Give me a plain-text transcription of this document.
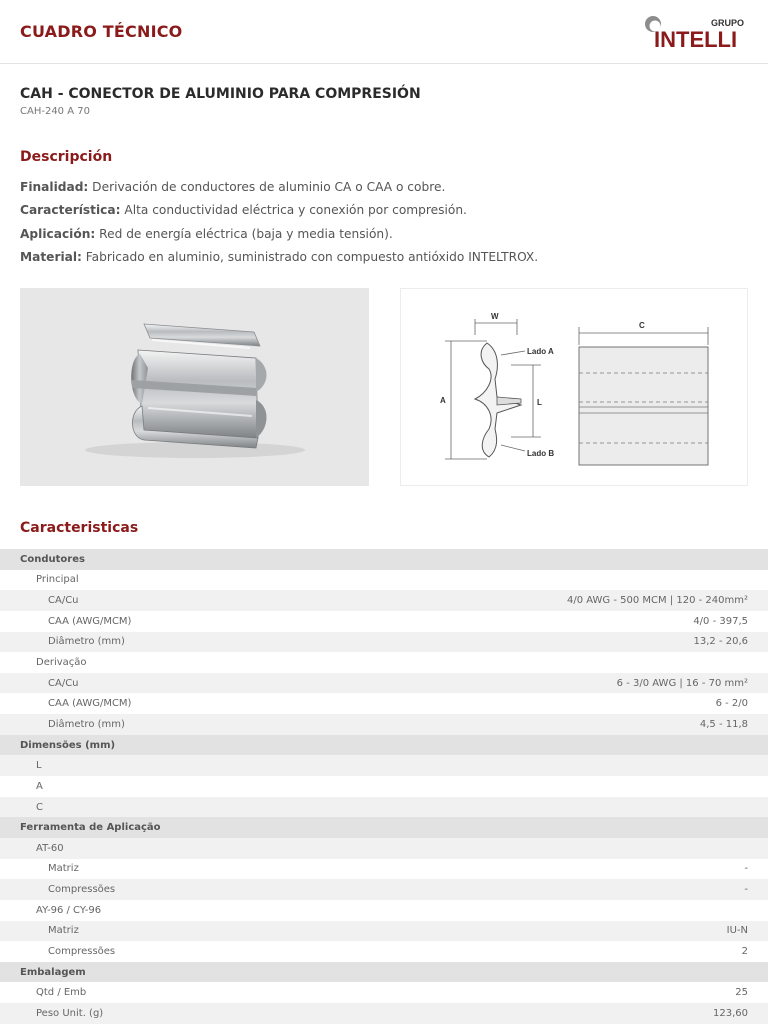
CUADRO TÉCNICO	GRUPO
INTELLI
CAH - CONECTOR DE ALUMINIO PARA COMPRESIÓN
CAH-240 A 70
Descripción
Finalidad: Derivación de conductores de aluminio CA o CAA o cobre.
Característica: Alta conductividad eléctrica y conexión por compresión.
Aplicación: Red de energía eléctrica (baja y media tensión).
Material: Fabricado en aluminio, suministrado con compuesto antióxido INTELTROX.
W
C
A	L
Lado A
Lado B
Caracteristicas
Condutores
Principal
CA/Cu	4/0 AWG - 500 MCM | 120 - 240mm²
CAA (AWG/MCM)	4/0 - 397,5
Diâmetro (mm)	13,2 - 20,6
Derivação
CA/Cu	6 - 3/0 AWG | 16 - 70 mm²
CAA (AWG/MCM)	6 - 2/0
Diâmetro (mm)	4,5 - 11,8
Dimensões (mm)
L
A
C
Ferramenta de Aplicação
AT-60
Matriz	-
Compressões	-
AY-96 / CY-96
Matriz	IU-N
Compressões	2
Embalagem
Qtd / Emb	25
Peso Unit. (g)	123,60
